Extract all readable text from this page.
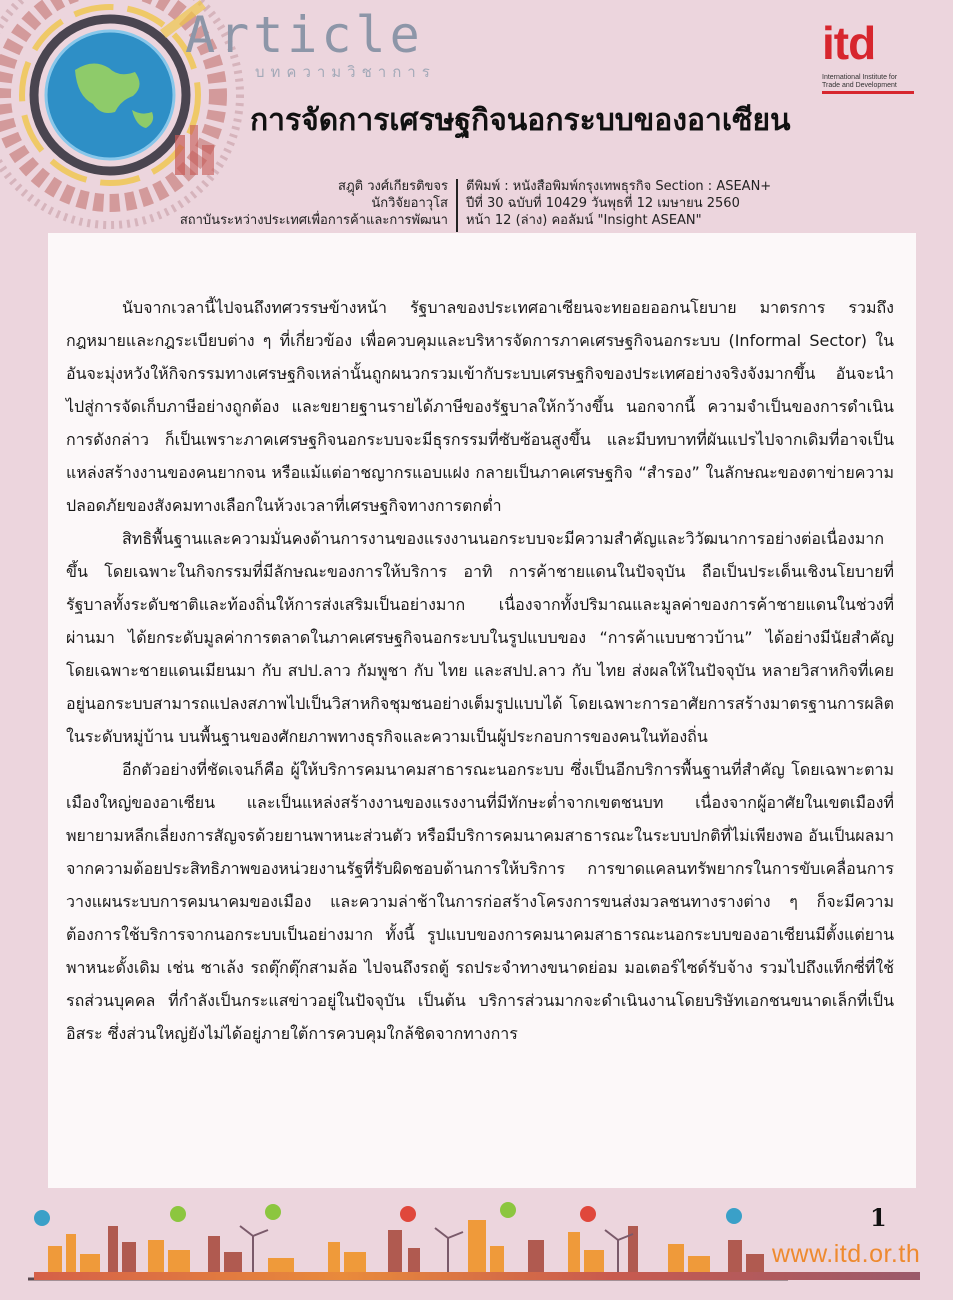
Article
บทความวิชาการ
การจัดการเศรษฐกิจนอกระบบของอาเซียน
itd
International Institute for
Trade and Development
สฎุติ วงศ์เกียรติขจร
นักวิจัยอาวุโส
สถาบันระหว่างประเทศเพื่อการค้าและการพัฒนา
ตีพิมพ์ : หนังสือพิมพ์กรุงเทพธุรกิจ Section : ASEAN+
ปีที่ 30 ฉบับที่ 10429 วันพุธที่ 12 เมษายน 2560
หน้า 12 (ล่าง) คอลัมน์ "Insight ASEAN"

นับจากเวลานี้ไปจนถึงทศวรรษข้างหน้า รัฐบาลของประเทศอาเซียนจะทยอยออกนโยบาย มาตรการ รวมถึงกฎหมายและกฎระเบียบต่าง ๆ ที่เกี่ยวข้อง เพื่อควบคุมและบริหารจัดการภาคเศรษฐกิจนอกระบบ (Informal Sector) ในอันจะมุ่งหวังให้กิจกรรมทางเศรษฐกิจเหล่านั้นถูกผนวกรวมเข้ากับระบบเศรษฐกิจของประเทศอย่างจริงจังมากขึ้น อันจะนำไปสู่การจัดเก็บภาษีอย่างถูกต้อง และขยายฐานรายได้ภาษีของรัฐบาลให้กว้างขึ้น นอกจากนี้ ความจำเป็นของการดำเนินการดังกล่าว ก็เป็นเพราะภาคเศรษฐกิจนอกระบบจะมีธุรกรรมที่ซับซ้อนสูงขึ้น และมีบทบาทที่ผันแปรไปจากเดิมที่อาจเป็นแหล่งสร้างงานของคนยากจน หรือแม้แต่อาชญากรแอบแฝง กลายเป็นภาคเศรษฐกิจ “สำรอง” ในลักษณะของตาข่ายความปลอดภัยของสังคมทางเลือกในห้วงเวลาที่เศรษฐกิจทางการตกต่ำ

สิทธิพื้นฐานและความมั่นคงด้านการงานของแรงงานนอกระบบจะมีความสำคัญและวิวัฒนาการอย่างต่อเนื่องมากขึ้น โดยเฉพาะในกิจกรรมที่มีลักษณะของการให้บริการ อาทิ การค้าชายแดนในปัจจุบัน ถือเป็นประเด็นเชิงนโยบายที่รัฐบาลทั้งระดับชาติและท้องถิ่นให้การส่งเสริมเป็นอย่างมาก เนื่องจากทั้งปริมาณและมูลค่าของการค้าชายแดนในช่วงที่ผ่านมา ได้ยกระดับมูลค่าการตลาดในภาคเศรษฐกิจนอกระบบในรูปแบบของ “การค้าแบบชาวบ้าน” ได้อย่างมีนัยสำคัญ โดยเฉพาะชายแดนเมียนมา กับ สปป.ลาว กัมพูชา กับ ไทย และสปป.ลาว กับ ไทย ส่งผลให้ในปัจจุบัน หลายวิสาหกิจที่เคยอยู่นอกระบบสามารถแปลงสภาพไปเป็นวิสาหกิจชุมชนอย่างเต็มรูปแบบได้ โดยเฉพาะการอาศัยการสร้างมาตรฐานการผลิตในระดับหมู่บ้าน บนพื้นฐานของศักยภาพทางธุรกิจและความเป็นผู้ประกอบการของคนในท้องถิ่น

อีกตัวอย่างที่ชัดเจนก็คือ ผู้ให้บริการคมนาคมสาธารณะนอกระบบ ซึ่งเป็นอีกบริการพื้นฐานที่สำคัญ โดยเฉพาะตามเมืองใหญ่ของอาเซียน และเป็นแหล่งสร้างงานของแรงงานที่มีทักษะต่ำจากเขตชนบท เนื่องจากผู้อาศัยในเขตเมืองที่พยายามหลีกเลี่ยงการสัญจรด้วยยานพาหนะส่วนตัว หรือมีบริการคมนาคมสาธารณะในระบบปกติที่ไม่เพียงพอ อันเป็นผลมาจากความด้อยประสิทธิภาพของหน่วยงานรัฐที่รับผิดชอบด้านการให้บริการ การขาดแคลนทรัพยากรในการขับเคลื่อนการวางแผนระบบการคมนาคมของเมือง และความล่าช้าในการก่อสร้างโครงการขนส่งมวลชนทางรางต่าง ๆ ก็จะมีความต้องการใช้บริการจากนอกระบบเป็นอย่างมาก ทั้งนี้ รูปแบบของการคมนาคมสาธารณะนอกระบบของอาเซียนมีตั้งแต่ยานพาหนะดั้งเดิม เช่น ซาเล้ง รถตุ๊กตุ๊กสามล้อ ไปจนถึงรถตู้ รถประจำทางขนาดย่อม มอเตอร์ไซด์รับจ้าง รวมไปถึงแท็กซี่ที่ใช้รถส่วนบุคคล ที่กำลังเป็นกระแสข่าวอยู่ในปัจจุบัน เป็นต้น บริการส่วนมากจะดำเนินงานโดยบริษัทเอกชนขนาดเล็กที่เป็นอิสระ ซึ่งส่วนใหญ่ยังไม่ได้อยู่ภายใต้การควบคุมใกล้ชิดจากทางการ

1
www.itd.or.th
